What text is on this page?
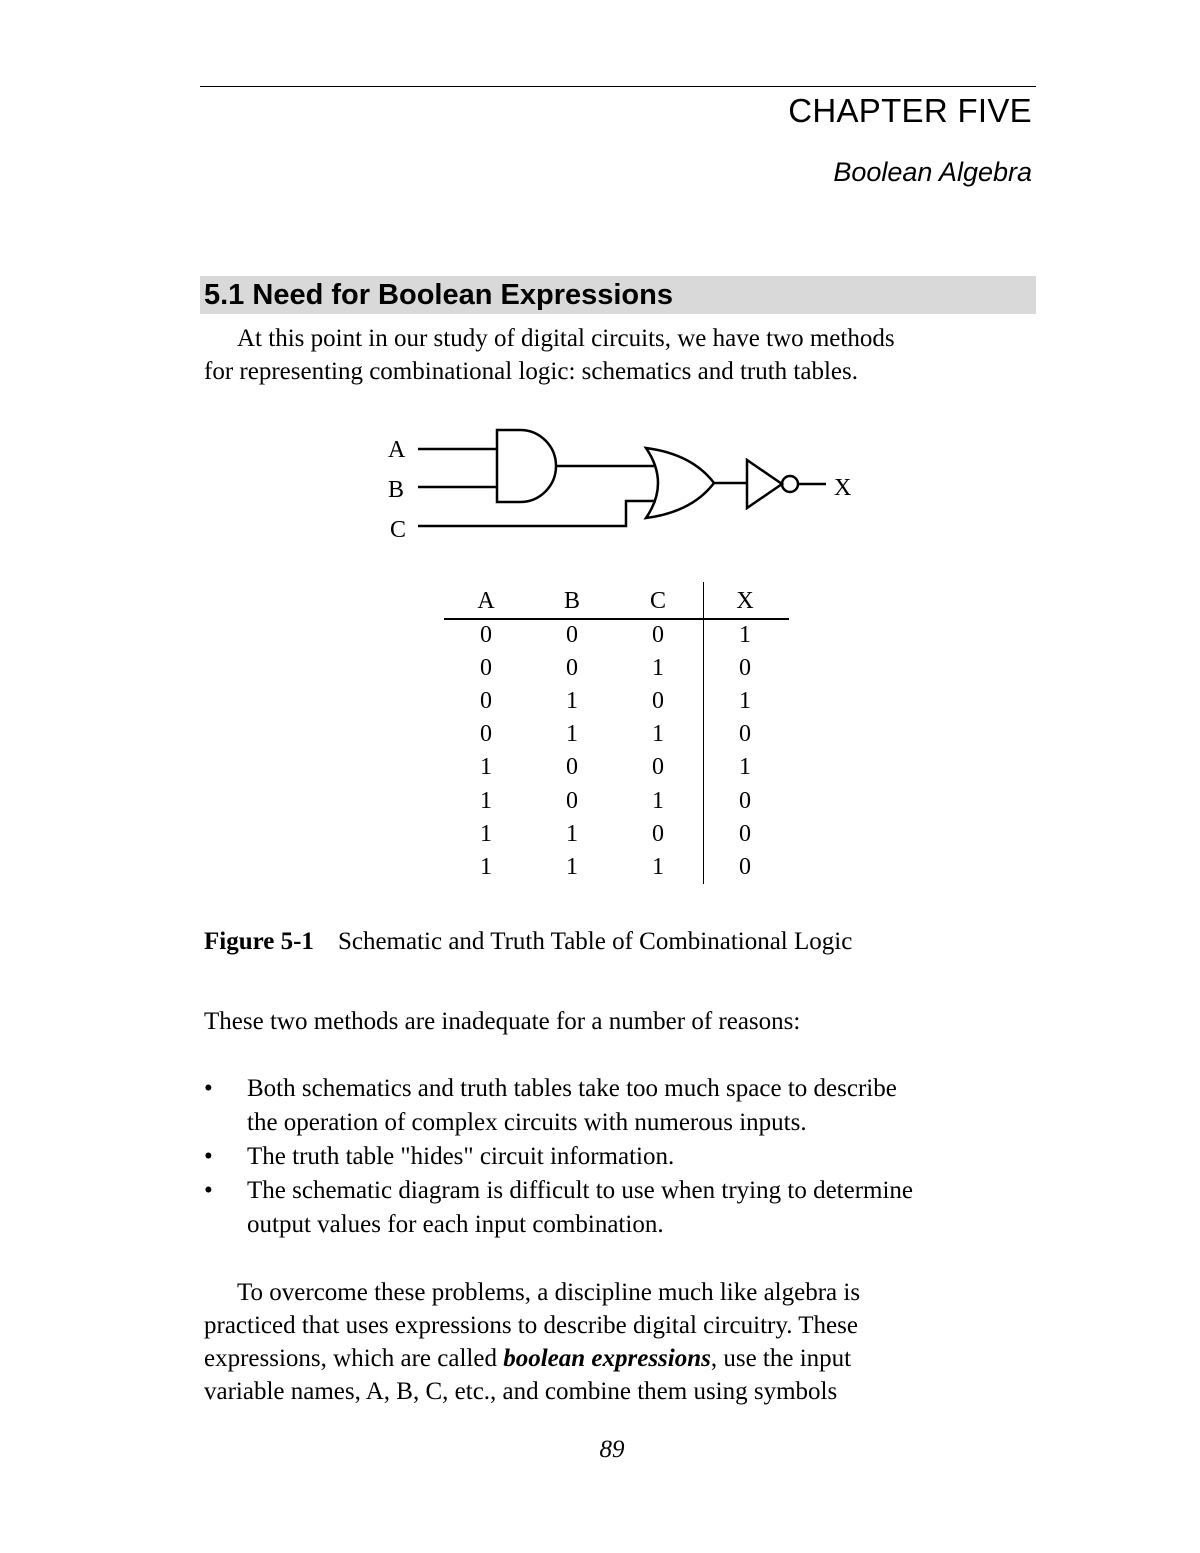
CHAPTER FIVE
Boolean Algebra
5.1 Need for Boolean Expressions
At this point in our study of digital circuits, we have two methods
for representing combinational logic: schematics and truth tables.
A
B
C
X
A	B	C	X
0	0	0	1
0	0	1	0
0	1	0	1
0	1	1	0
1	0	0	1
1	0	1	0
1	1	0	0
1	1	1	0
Figure 5-1 Schematic and Truth Table of Combinational Logic
These two methods are inadequate for a number of reasons:
• Both schematics and truth tables take too much space to describe
the operation of complex circuits with numerous inputs.
• The truth table "hides" circuit information.
• The schematic diagram is difficult to use when trying to determine
output values for each input combination.
To overcome these problems, a discipline much like algebra is
practiced that uses expressions to describe digital circuitry. These
expressions, which are called boolean expressions, use the input
variable names, A, B, C, etc., and combine them using symbols
89
